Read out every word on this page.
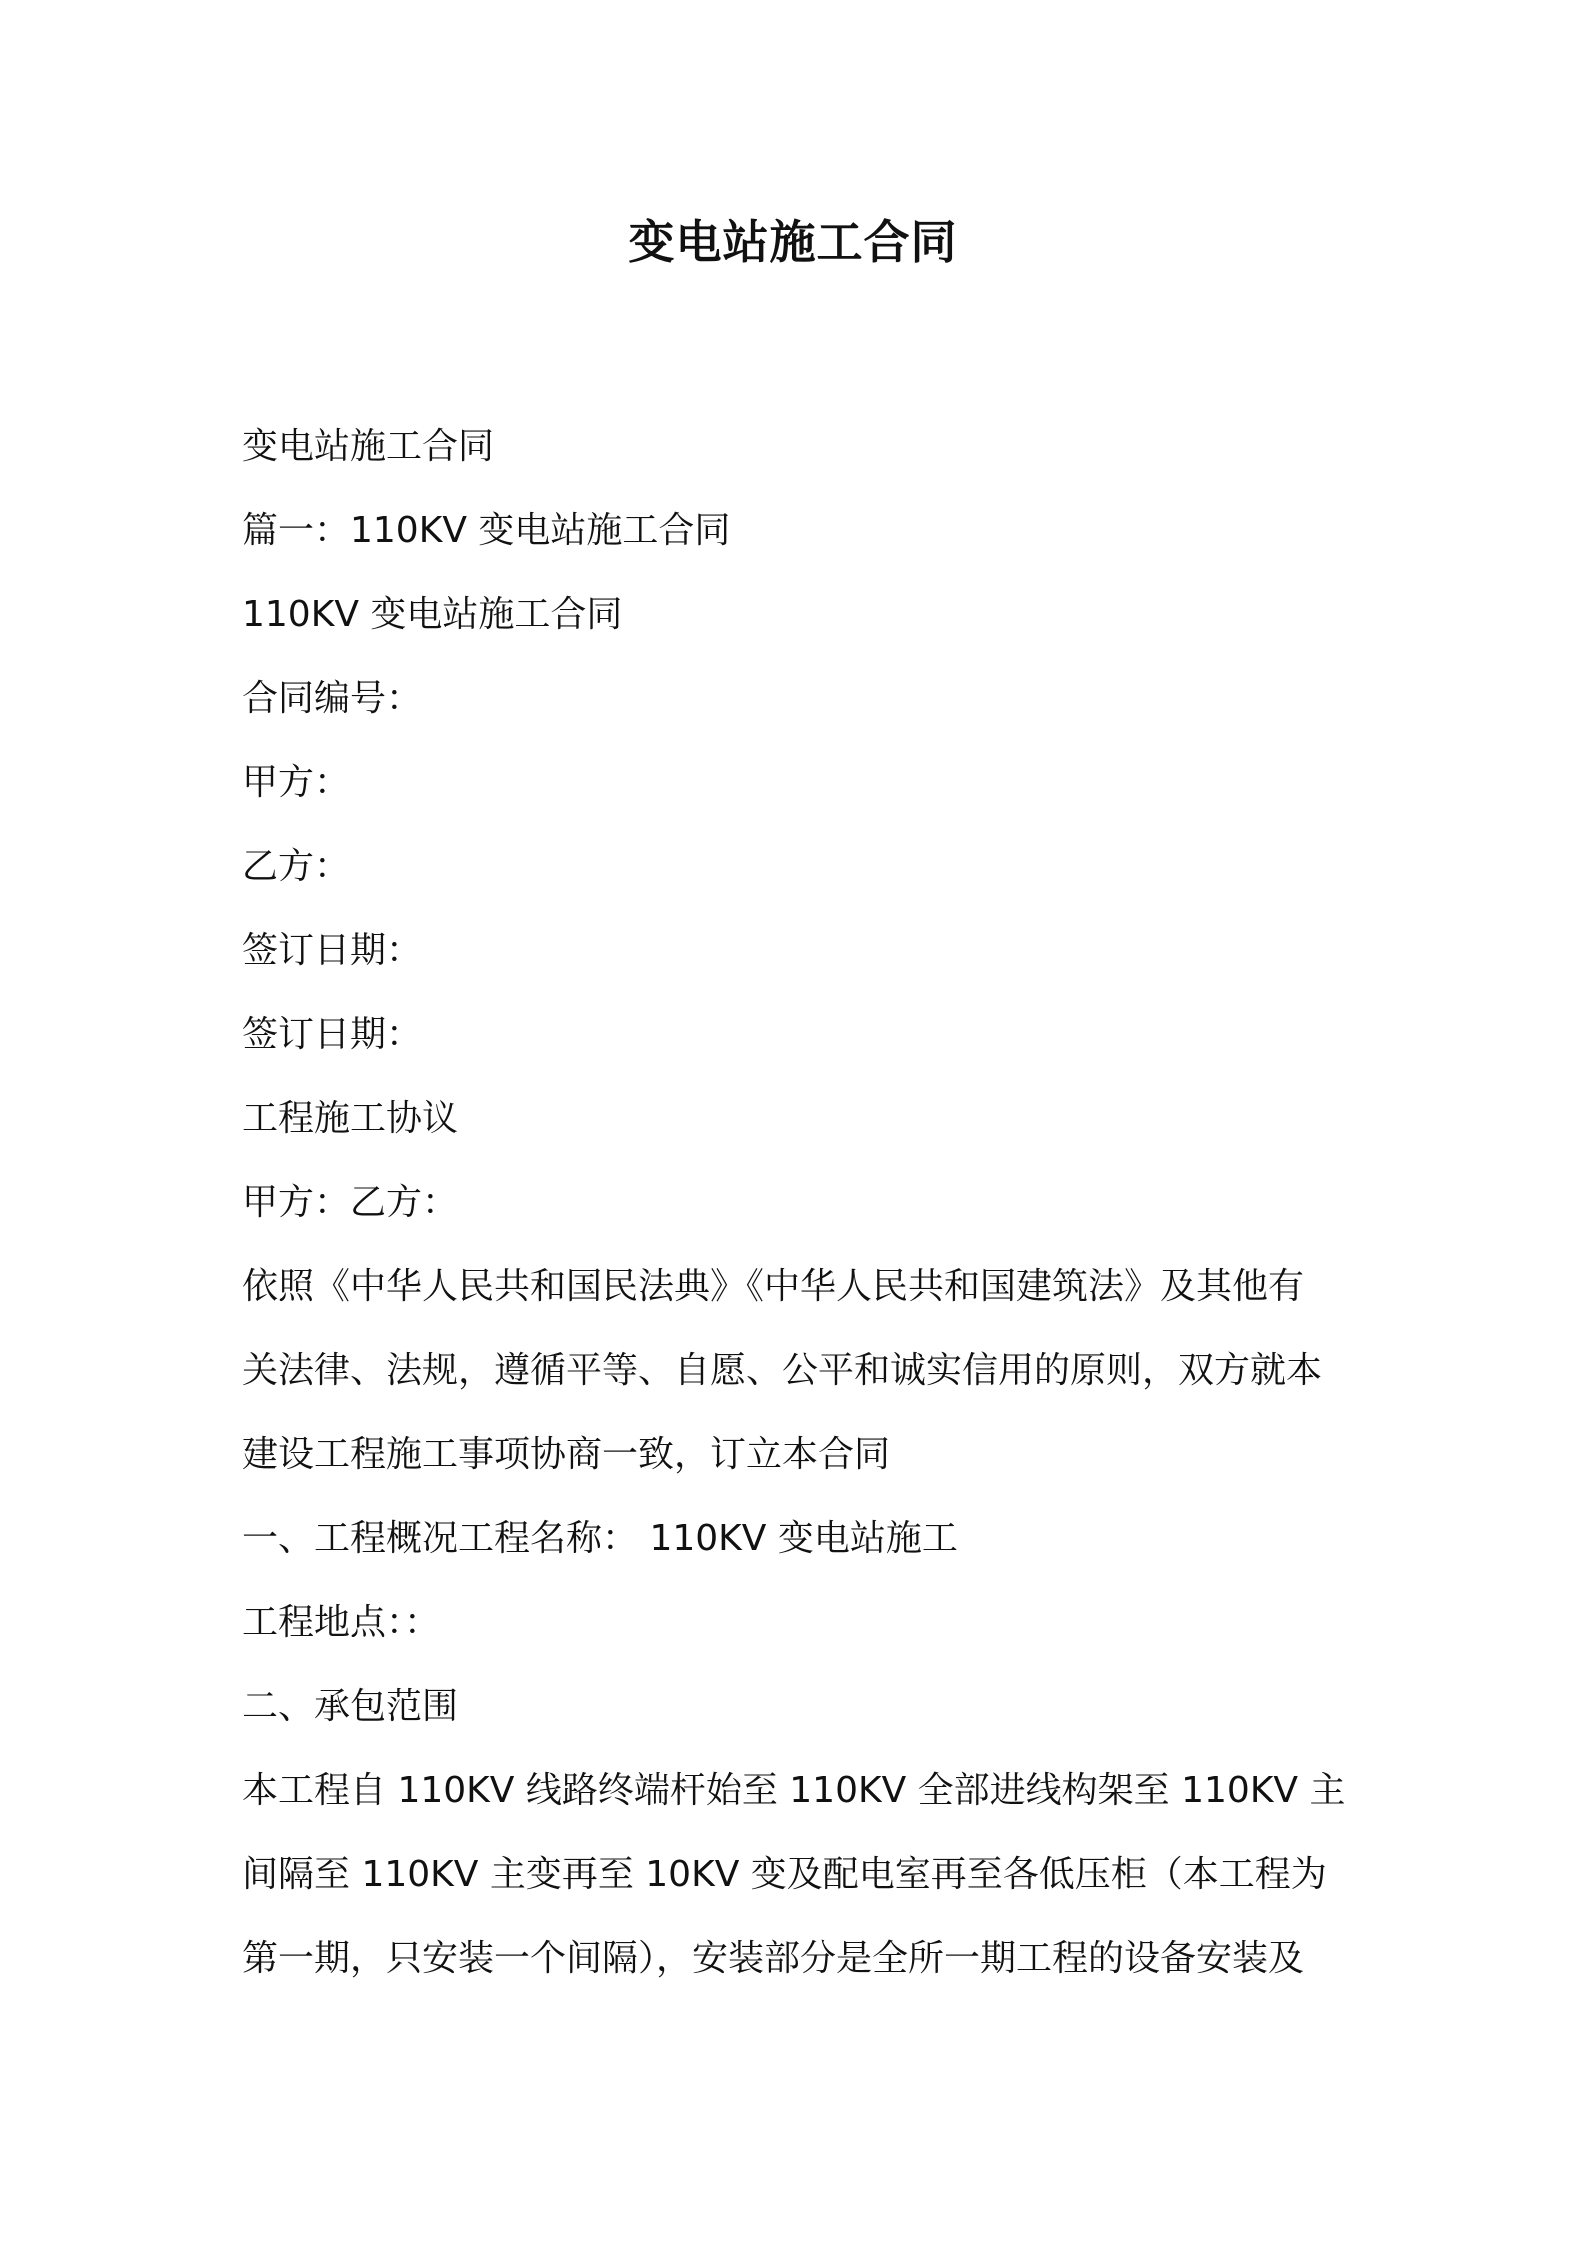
变电站施工合同

变电站施工合同

篇一：110KV 变电站施工合同

110KV 变电站施工合同

合同编号：

甲方：

乙方：

签订日期：

签订日期：

工程施工协议

甲方：乙方：

依照《中华人民共和国民法典》《中华人民共和国建筑法》及其他有
关法律、法规，遵循平等、自愿、公平和诚实信用的原则，双方就本
建设工程施工事项协商一致，订立本合同

一、工程概况工程名称： 110KV 变电站施工

工程地点：：

二、承包范围

本工程自 110KV 线路终端杆始至 110KV 全部进线构架至 110KV 主
间隔至 110KV 主变再至 10KV 变及配电室再至各低压柜（本工程为
第一期，只安装一个间隔），安装部分是全所一期工程的设备安装及
